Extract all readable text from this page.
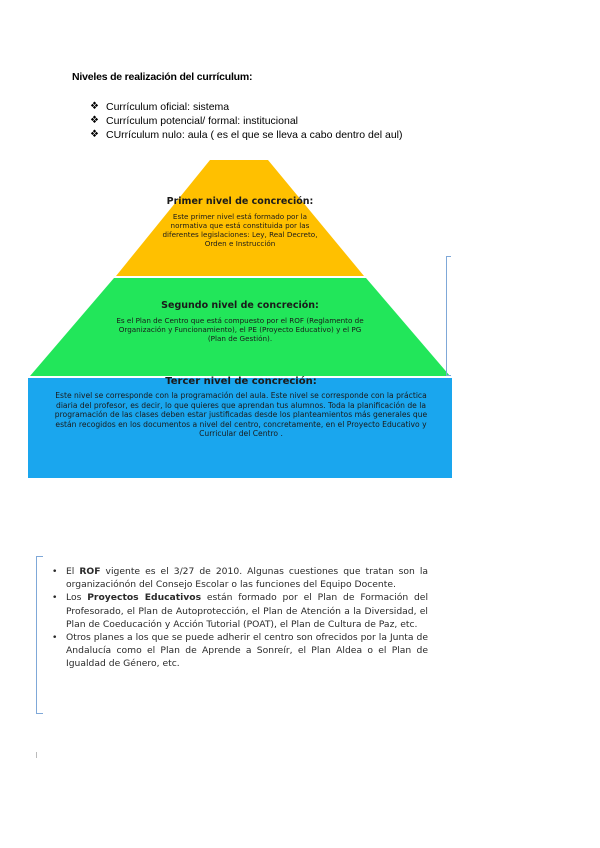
Niveles de realización del currículum:
❖ Currículum oficial: sistema
❖ Currículum potencial/ formal: institucional
❖ CUrrículum nulo: aula ( es el que se lleva a cabo dentro del aul)
Primer nivel de concreción:
Este primer nivel está formado por la normativa que está constituida por las diferentes legislaciones: Ley, Real Decreto, Orden e Instrucción
Segundo nivel de concreción:
Es el Plan de Centro que está compuesto por el ROF (Reglamento de Organización y Funcionamiento), el PE (Proyecto Educativo) y el PG (Plan de Gestión).
Tercer nivel de concreción:
Este nivel se corresponde con la programación del aula. Este nivel se corresponde con la práctica diaria del profesor, es decir, lo que quieres que aprendan tus alumnos. Toda la planificación de la programación de las clases deben estar justificadas desde los planteamientos más generales que están recogidos en los documentos a nivel del centro, concretamente, en el Proyecto Educativo y Curricular del Centro .
• El ROF vigente es el 3/27 de 2010. Algunas cuestiones que tratan son la organizaciónón del Consejo Escolar o las funciones del Equipo Docente.
• Los Proyectos Educativos están formado por el Plan de Formación del Profesorado, el Plan de Autoprotección, el Plan de Atención a la Diversidad, el Plan de Coeducación y Acción Tutorial (POAT), el Plan de Cultura de Paz, etc.
• Otros planes a los que se puede adherir el centro son ofrecidos por la Junta de Andalucía como el Plan de Aprende a Sonreír, el Plan Aldea o el Plan de Igualdad de Género, etc.
